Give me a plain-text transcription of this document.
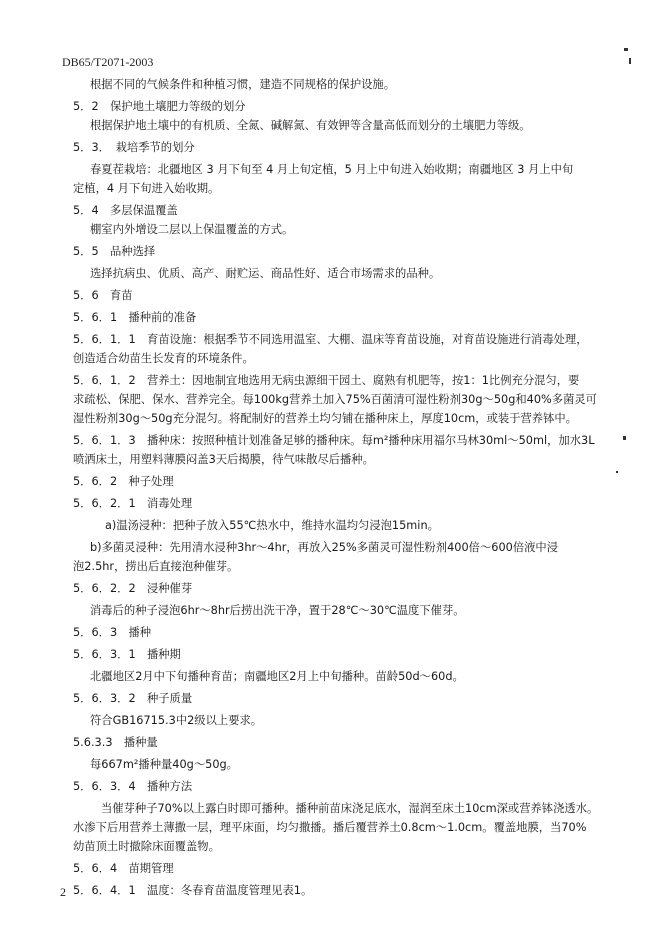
DB65/T2071-2003
根据不同的气候条件和种植习惯，建造不同规格的保护设施。
5．2　保护地土壤肥力等级的划分
根据保护地土壤中的有机质、全氮、碱解氮、有效钾等含量高低而划分的土壤肥力等级。
5．3．　栽培季节的划分
春夏茬栽培：北疆地区 3 月下旬至 4 月上旬定植，5 月上中旬进入始收期；南疆地区 3 月上中旬
定植，4 月下旬进入始收期。
5．4　多层保温覆盖
棚室内外增设二层以上保温覆盖的方式。
5．5　品种选择
选择抗病虫、优质、高产、耐贮运、商品性好、适合市场需求的品种。
5．6　育苗
5．6．1　播种前的准备
5．6．1．1　育苗设施：根据季节不同选用温室、大棚、温床等育苗设施，对育苗设施进行消毒处理，
创造适合幼苗生长发育的环境条件。
5．6．1．2　营养土：因地制宜地选用无病虫源细干园土、腐熟有机肥等，按1：1比例充分混匀，要
求疏松、保肥、保水、营养完全。每100kg营养土加入75%百菌清可湿性粉剂30g～50g和40%多菌灵可
湿性粉剂30g～50g充分混匀。将配制好的营养土均匀铺在播种床上，厚度10cm，或装于营养钵中。
5．6．1．3　播种床：按照种植计划准备足够的播种床。每m²播种床用福尔马林30ml～50ml，加水3L
喷洒床土，用塑料薄膜闷盖3天后揭膜，待气味散尽后播种。
5．6．2　种子处理
5．6．2．1　消毒处理
a)温汤浸种：把种子放入55℃热水中，维持水温均匀浸泡15min。
b)多菌灵浸种：先用清水浸种3hr～4hr，再放入25%多菌灵可湿性粉剂400倍～600倍液中浸
泡2.5hr，捞出后直接泡种催芽。
5．6．2．2　浸种催芽
消毒后的种子浸泡6hr～8hr后捞出洗干净，置于28℃～30℃温度下催芽。
5．6．3　播种
5．6．3．1　播种期
北疆地区2月中下旬播种育苗；南疆地区2月上中旬播种。苗龄50d～60d。
5．6．3．2　种子质量
符合GB16715.3中2级以上要求。
5.6.3.3　播种量
每667m²播种量40g～50g。
5．6．3．4　播种方法
当催芽种子70%以上露白时即可播种。播种前苗床浇足底水，湿润至床土10cm深或营养钵浇透水。
水渗下后用营养土薄撒一层，理平床面，均匀撒播。播后覆营养土0.8cm～1.0cm。覆盖地膜，当70%
幼苗顶土时撤除床面覆盖物。
5．6．4　苗期管理
5．6．4．1　温度：冬春育苗温度管理见表1。
2
